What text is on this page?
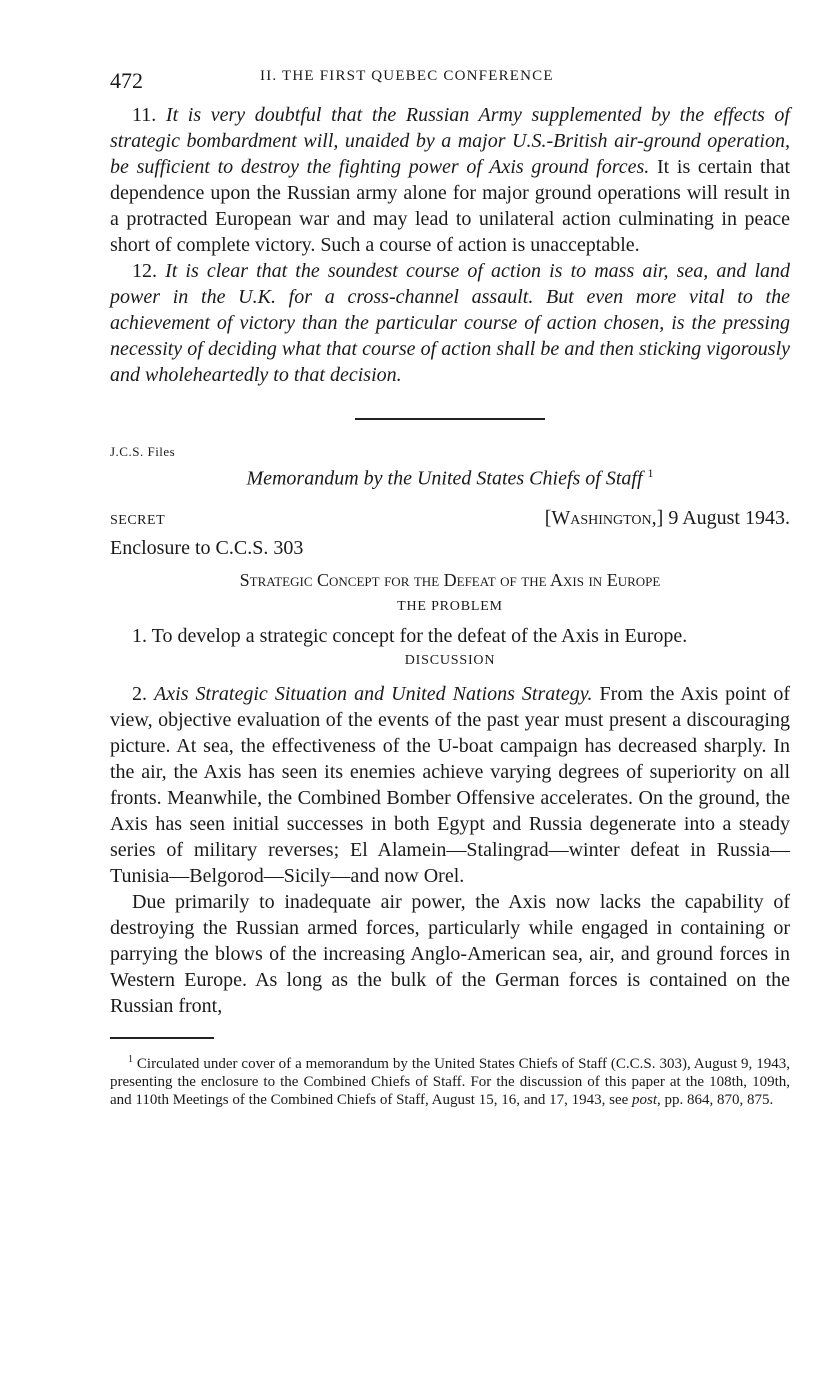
472	II. THE FIRST QUEBEC CONFERENCE

11. It is very doubtful that the Russian Army supplemented by the effects of strategic bombardment will, unaided by a major U.S.-British air-ground operation, be sufficient to destroy the fighting power of Axis ground forces. It is certain that dependence upon the Russian army alone for major ground operations will result in a protracted European war and may lead to unilateral action culminating in peace short of complete victory. Such a course of action is unacceptable.

12. It is clear that the soundest course of action is to mass air, sea, and land power in the U.K. for a cross-channel assault. But even more vital to the achievement of victory than the particular course of action chosen, is the pressing necessity of deciding what that course of action shall be and then sticking vigorously and wholeheartedly to that decision.

J.C.S. Files
Memorandum by the United States Chiefs of Staff $^1$
SECRET	[Washington,] 9 August 1943.
Enclosure to C.C.S. 303
Strategic Concept for the Defeat of the Axis in Europe
THE PROBLEM

1. To develop a strategic concept for the defeat of the Axis in Europe.

DISCUSSION

2. Axis Strategic Situation and United Nations Strategy. From the Axis point of view, objective evaluation of the events of the past year must present a discouraging picture. At sea, the effectiveness of the U-boat campaign has decreased sharply. In the air, the Axis has seen its enemies achieve varying degrees of superiority on all fronts. Meanwhile, the Combined Bomber Offensive accelerates. On the ground, the Axis has seen initial successes in both Egypt and Russia degenerate into a steady series of military reverses; El Alamein—Stalingrad—winter defeat in Russia—Tunisia—Belgorod—Sicily—and now Orel.

Due primarily to inadequate air power, the Axis now lacks the capability of destroying the Russian armed forces, particularly while engaged in containing or parrying the blows of the increasing Anglo-American sea, air, and ground forces in Western Europe. As long as the bulk of the German forces is contained on the Russian front,

$^1$ Circulated under cover of a memorandum by the United States Chiefs of Staff (C.C.S. 303), August 9, 1943, presenting the enclosure to the Combined Chiefs of Staff. For the discussion of this paper at the 108th, 109th, and 110th Meetings of the Combined Chiefs of Staff, August 15, 16, and 17, 1943, see post, pp. 864, 870, 875.
